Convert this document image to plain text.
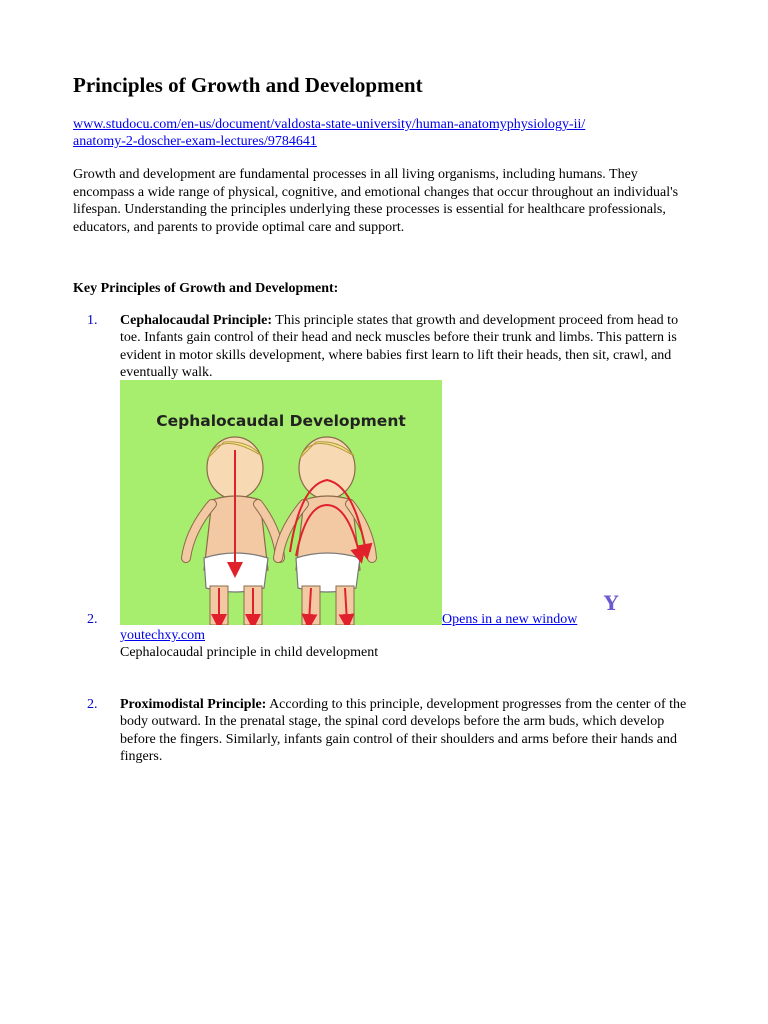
Principles of Growth and Development
www.studocu.com/en-us/document/valdosta-state-university/human-anatomyphysiology-ii/
anatomy-2-doscher-exam-lectures/9784641

Growth and development are fundamental processes in all living organisms, including humans. They encompass a wide range of physical, cognitive, and emotional changes that occur throughout an individual's lifespan. Understanding the principles underlying these processes is essential for healthcare professionals, educators, and parents to provide optimal care and support.

Key Principles of Growth and Development:

1. Cephalocaudal Principle: This principle states that growth and development proceed from head to toe. Infants gain control of their head and neck muscles before their trunk and limbs. This pattern is evident in motor skills development, where babies first learn to lift their heads, then sit, crawl, and eventually walk.

Cephalocaudal Development
2.	Opens in a new window
Y
youtechxy.com
Cephalocaudal principle in child development
2. Proximodistal Principle: According to this principle, development progresses from the center of the body outward. In the prenatal stage, the spinal cord develops before the arm buds, which develop before the fingers. Similarly, infants gain control of their shoulders and arms before their hands and fingers.
